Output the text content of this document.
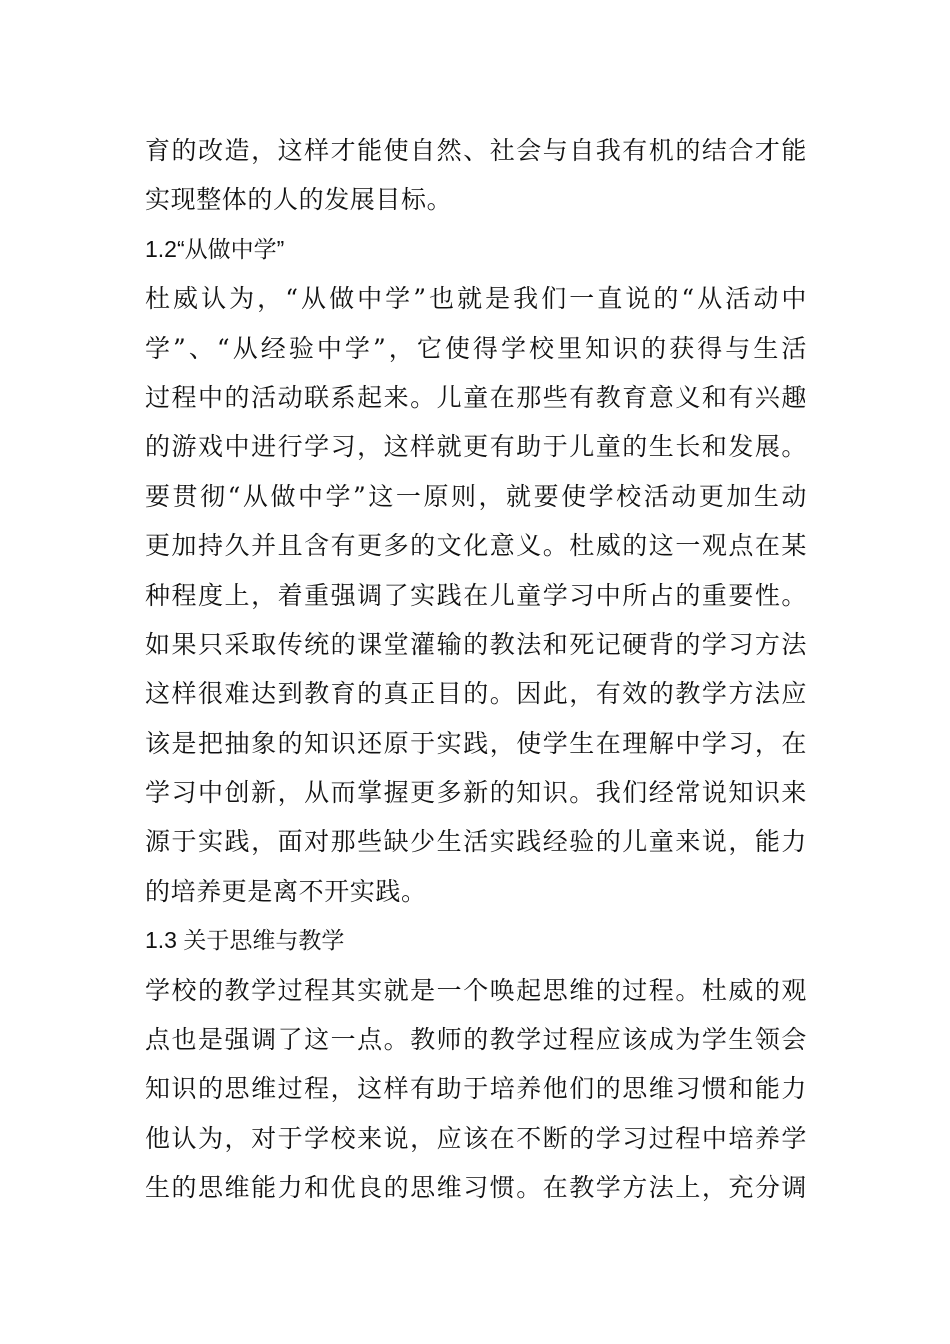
育的改造，这样才能使自然、社会与自我有机的结合才能
实现整体的人的发展目标。
1.2“从做中学”
杜威认为，“从做中学”也就是我们一直说的“从活动中
学”、“从经验中学”，它使得学校里知识的获得与生活
过程中的活动联系起来。儿童在那些有教育意义和有兴趣
的游戏中进行学习，这样就更有助于儿童的生长和发展。
要贯彻“从做中学”这一原则，就要使学校活动更加生动
更加持久并且含有更多的文化意义。杜威的这一观点在某
种程度上，着重强调了实践在儿童学习中所占的重要性。
如果只采取传统的课堂灌输的教法和死记硬背的学习方法
这样很难达到教育的真正目的。因此，有效的教学方法应
该是把抽象的知识还原于实践，使学生在理解中学习，在
学习中创新，从而掌握更多新的知识。我们经常说知识来
源于实践，面对那些缺少生活实践经验的儿童来说，能力
的培养更是离不开实践。
1.3 关于思维与教学
学校的教学过程其实就是一个唤起思维的过程。杜威的观
点也是强调了这一点。教师的教学过程应该成为学生领会
知识的思维过程，这样有助于培养他们的思维习惯和能力
他认为，对于学校来说，应该在不断的学习过程中培养学
生的思维能力和优良的思维习惯。在教学方法上，充分调
